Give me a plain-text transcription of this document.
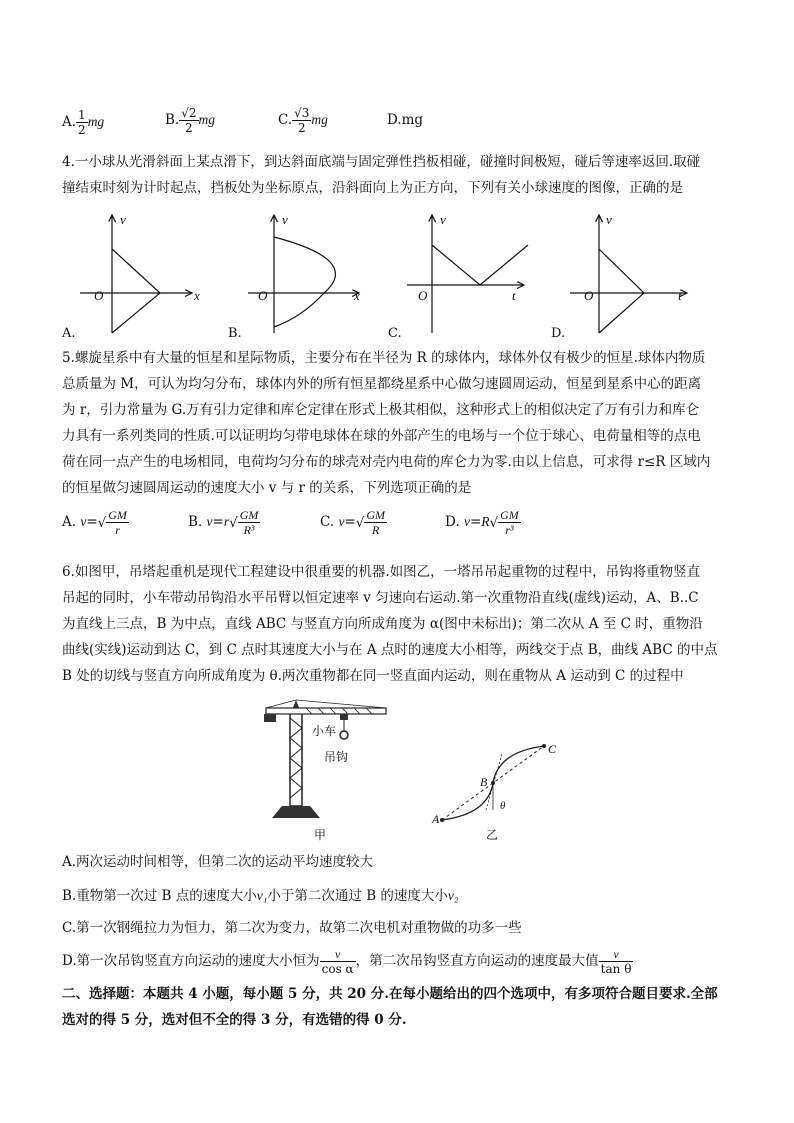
A. $\frac{1}{2}$ mg	B. $\frac{√2}{2}$ mg	C. $\frac{√3}{2}$ mg	D.mg
4.一小球从光滑斜面上某点滑下，到达斜面底端与固定弹性挡板相碰，碰撞时间极短，碰后等速率返回.取碰
撞结束时刻为计时起点，挡板处为坐标原点，沿斜面向上为正方向，下列有关小球速度的图像，正确的是
v
O	x
A.
v
O	x
B.
v
O	t
C.
v
O	t
D.
5.螺旋星系中有大量的恒星和星际物质，主要分布在半径为 R 的球体内，球体外仅有极少的恒星.球体内物质
总质量为 M，可认为均匀分布，球体内外的所有恒星都绕星系中心做匀速圆周运动，恒星到星系中心的距离
为 r，引力常量为 G.万有引力定律和库仑定律在形式上极其相似，这种形式上的相似决定了万有引力和库仑
力具有一系列类同的性质.可以证明均匀带电球体在球的外部产生的电场与一个位于球心、电荷量相等的点电
荷在同一点产生的电场相同，电荷均匀分布的球壳对壳内电荷的库仑力为零.由以上信息，可求得 r≤R 区域内
的恒星做匀速圆周运动的速度大小 v 与 r 的关系，下列选项正确的是
A. $v=√ \frac{GM}{r}$	B. $v=r√ \frac{GM}{\text{R³}}$	C. $v=√ \frac{GM}{R}$	D. $v=R√ \frac{GM}{\text{r³}}$
6.如图甲，吊塔起重机是现代工程建设中很重要的机器.如图乙，一塔吊吊起重物的过程中，吊钩将重物竖直
吊起的同时，小车带动吊钩沿水平吊臂以恒定速率 v 匀速向右运动.第一次重物沿直线(虚线)运动，A、B..C
为直线上三点，B 为中点，直线 ABC 与竖直方向所成角度为 α(图中未标出)；第二次从 A 至 C 时，重物沿
曲线(实线)运动到达 C，到 C 点时其速度大小与在 A 点时的速度大小相等，两线交于点 B，曲线 ABC 的中点
B 处的切线与竖直方向所成角度为 θ.两次重物都在同一竖直面内运动，则在重物从 A 运动到 C 的过程中
小车
吊钩
甲
A
B
C
θ
乙
A.两次运动时间相等，但第二次的运动平均速度较大
B.重物第一次过 B 点的速度大小v₁小于第二次通过 B 的速度大小v₂
C.第一次钢绳拉力为恒力，第二次为变力，故第二次电机对重物做的功多一些
D.第一次吊钩竖直方向运动的速度大小恒为 $\frac{v}{\text{cos α}}$ ，第二次吊钩竖直方向运动的速度最大值 $\frac{v}{\text{tan θ}}$
二、选择题：本题共 4 小题，每小题 5 分，共 20 分.在每小题给出的四个选项中，有多项符合题目要求.全部
选对的得 5 分，选对但不全的得 3 分，有选错的得 0 分.
